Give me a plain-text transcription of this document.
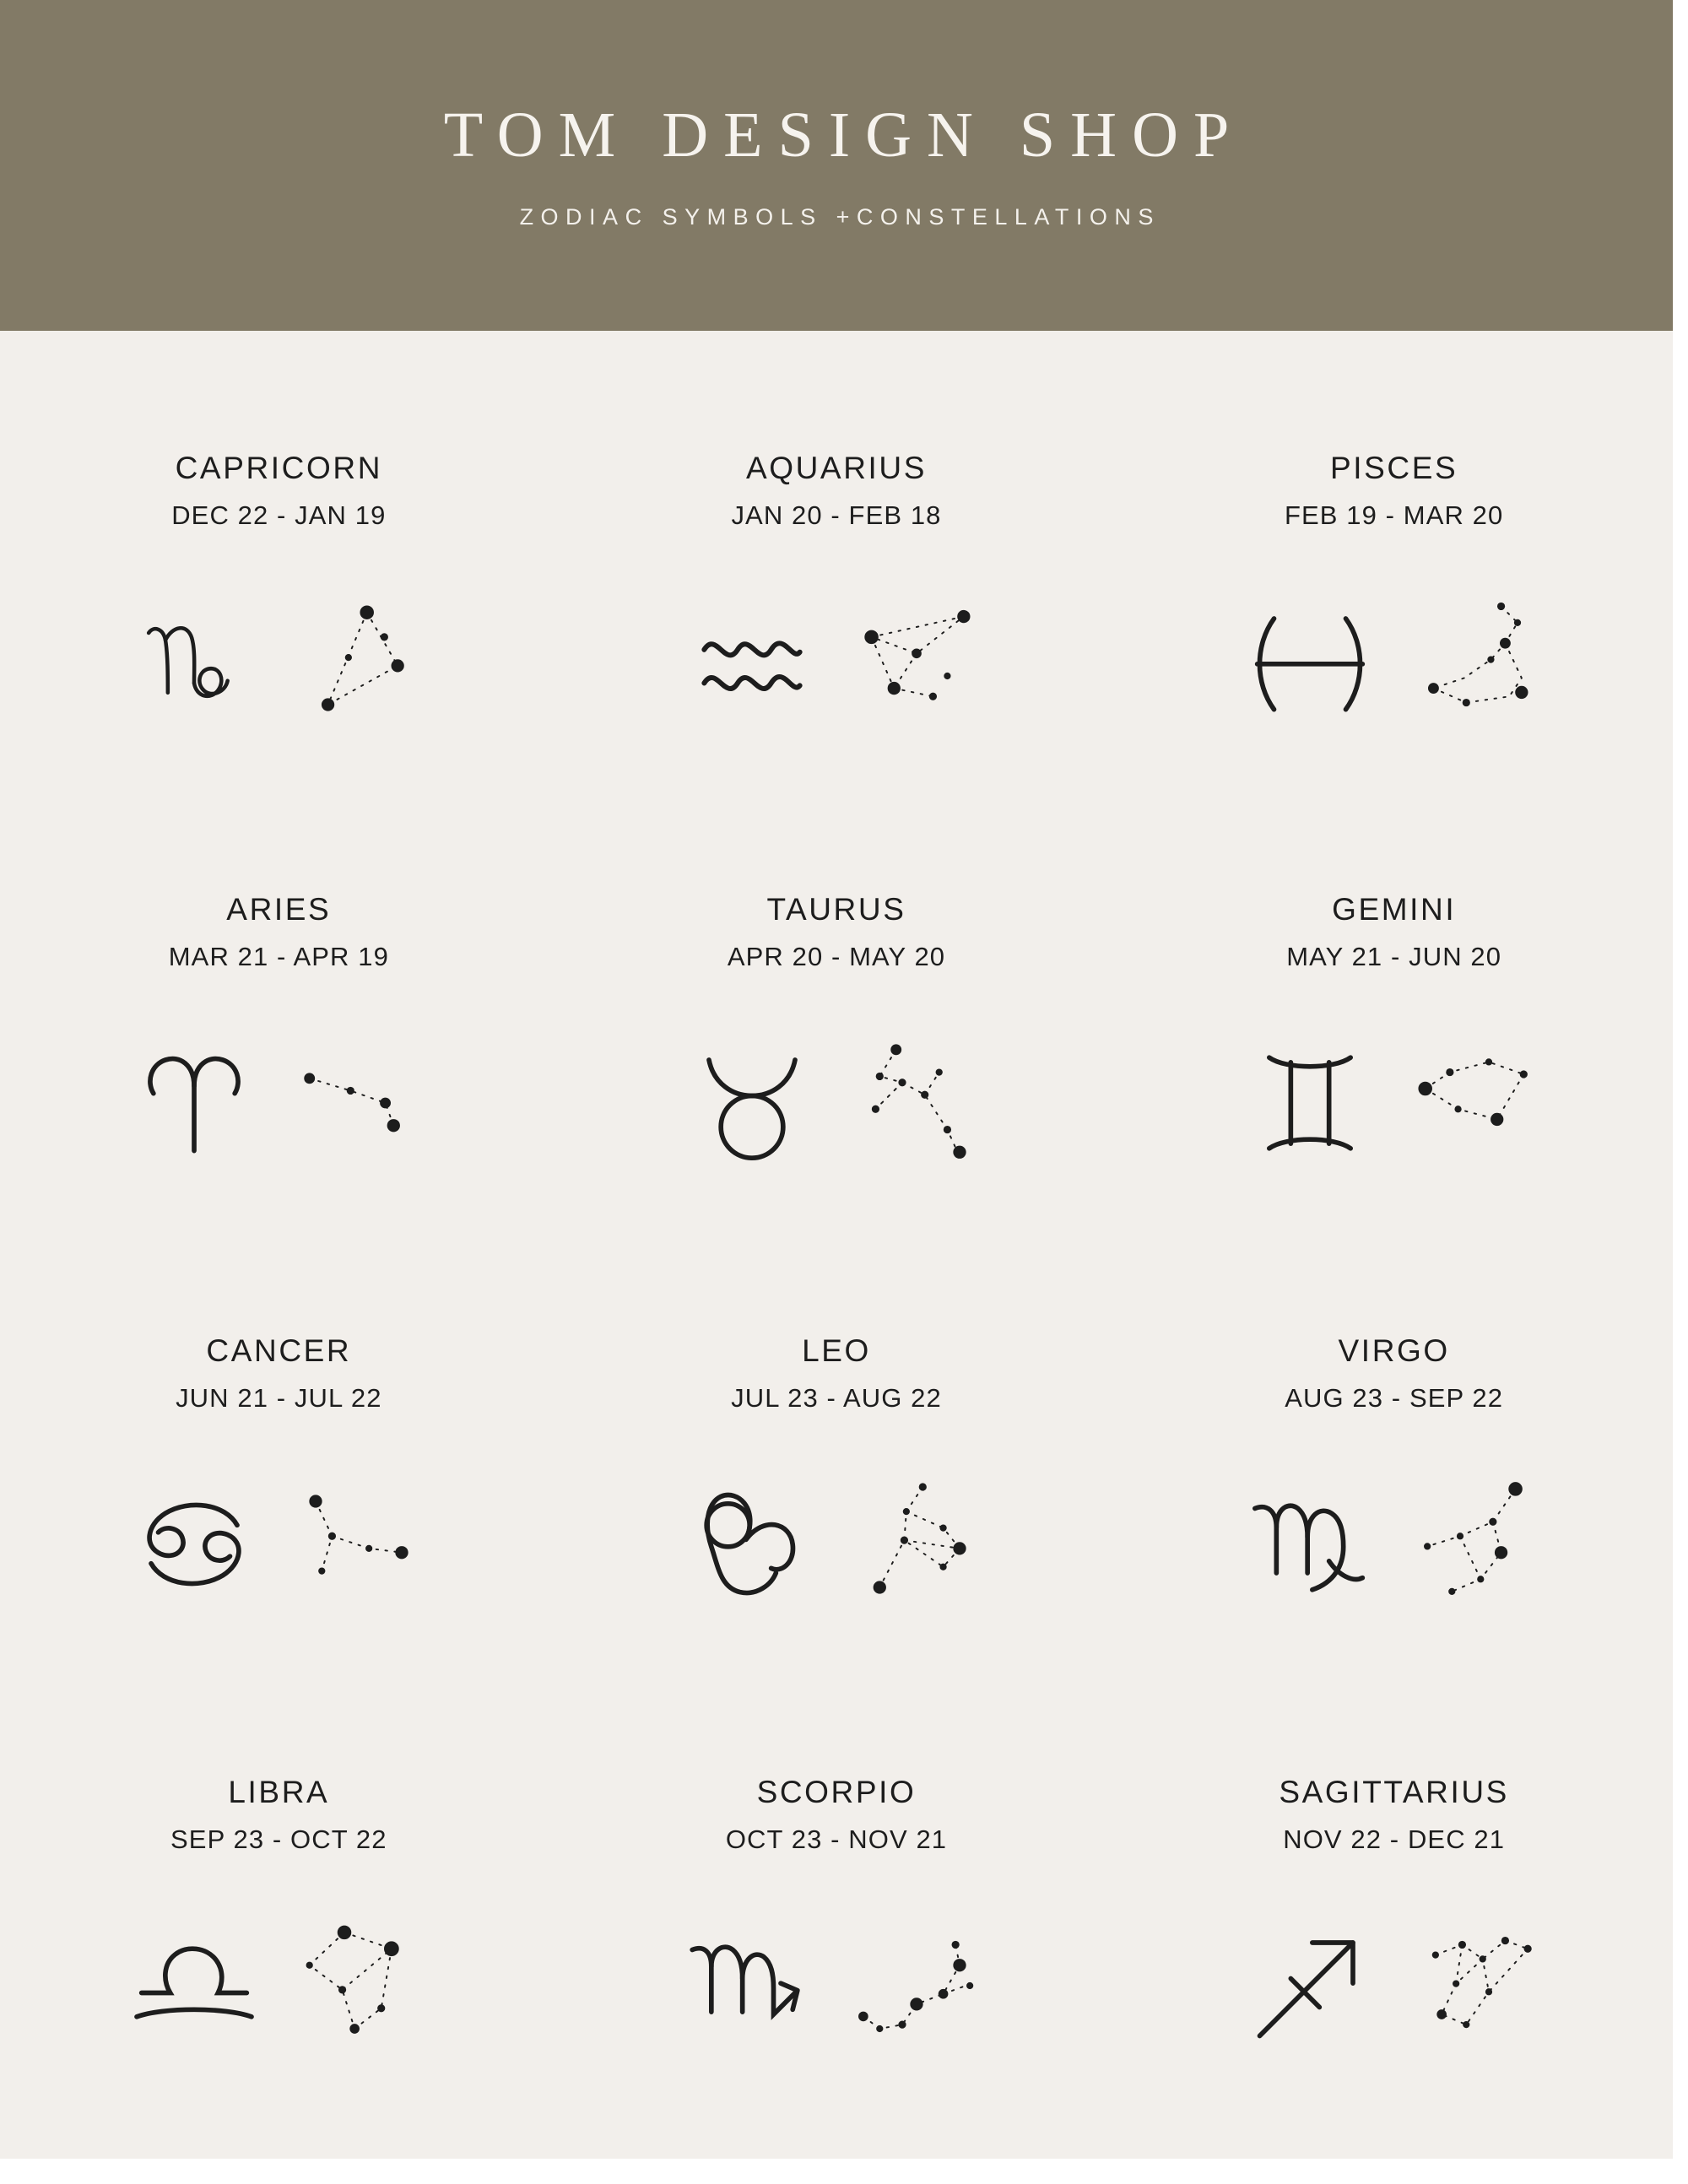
TOM DESIGN SHOP
ZODIAC SYMBOLS +CONSTELLATIONS
CAPRICORN
DEC 22 - JAN 19
AQUARIUS
JAN 20 - FEB 18
PISCES
FEB 19 - MAR 20
ARIES
MAR 21 - APR 19
TAURUS
APR 20 - MAY 20
GEMINI
MAY 21 - JUN 20
CANCER
JUN 21 - JUL 22
LEO
JUL 23 - AUG 22
VIRGO
AUG 23 - SEP 22
LIBRA
SEP 23 - OCT 22
SCORPIO
OCT 23 - NOV 21
SAGITTARIUS
NOV 22 - DEC 21
